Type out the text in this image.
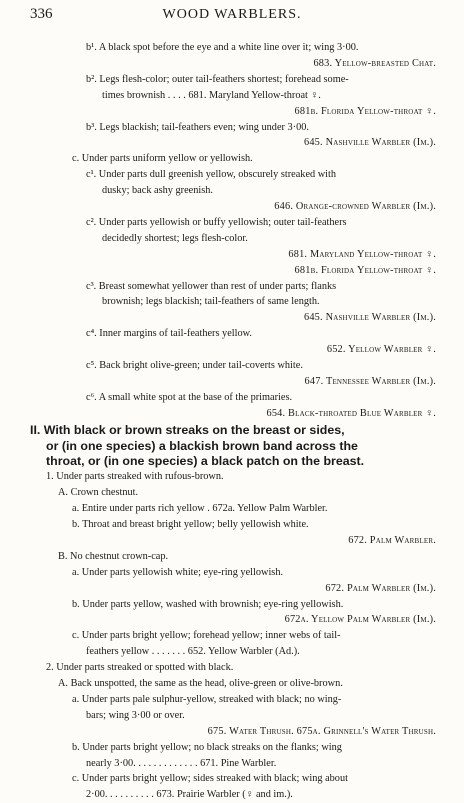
336	WOOD WARBLERS.
b¹. A black spot before the eye and a white line over it; wing 3·00.
683. Yellow-breasted Chat.
b². Legs flesh-color; outer tail-feathers shortest; forehead some-
times brownish . . . . 681. Maryland Yellow-throat ♀.
681b. Florida Yellow-throat ♀.
b³. Legs blackish; tail-feathers even; wing under 3·00.
645. Nashville Warbler (Im.).
c. Under parts uniform yellow or yellowish.
c¹. Under parts dull greenish yellow, obscurely streaked with
dusky; back ashy greenish.
646. Orange-crowned Warbler (Im.).
c². Under parts yellowish or buffy yellowish; outer tail-feathers
decidedly shortest; legs flesh-color.
681. Maryland Yellow-throat ♀.
681b. Florida Yellow-throat ♀.
c³. Breast somewhat yellower than rest of under parts; flanks
brownish; legs blackish; tail-feathers of same length.
645. Nashville Warbler (Im.).
c⁴. Inner margins of tail-feathers yellow.
652. Yellow Warbler ♀.
c⁵. Back bright olive-green; under tail-coverts white.
647. Tennessee Warbler (Im.).
c⁶. A small white spot at the base of the primaries.
654. Black-throated Blue Warbler ♀.
II. With black or brown streaks on the breast or sides,
or (in one species) a blackish brown band across the
throat, or (in one species) a black patch on the breast.
1. Under parts streaked with rufous-brown.
A. Crown chestnut.
a. Entire under parts rich yellow . 672a. Yellow Palm Warbler.
b. Throat and breast bright yellow; belly yellowish white.
672. Palm Warbler.
B. No chestnut crown-cap.
a. Under parts yellowish white; eye-ring yellowish.
672. Palm Warbler (Im.).
b. Under parts yellow, washed with brownish; eye-ring yellowish.
672a. Yellow Palm Warbler (Im.).
c. Under parts bright yellow; forehead yellow; inner webs of tail-
feathers yellow . . . . . . . 652. Yellow Warbler (Ad.).
2. Under parts streaked or spotted with black.
A. Back unspotted, the same as the head, olive-green or olive-brown.
a. Under parts pale sulphur-yellow, streaked with black; no wing-
bars; wing 3·00 or over.
675. Water Thrush. 675a. Grinnell's Water Thrush.
b. Under parts bright yellow; no black streaks on the flanks; wing
nearly 3·00. . . . . . . . . . . . . 671. Pine Warbler.
c. Under parts bright yellow; sides streaked with black; wing about
2·00. . . . . . . . . . 673. Prairie Warbler (♀ and im.).
